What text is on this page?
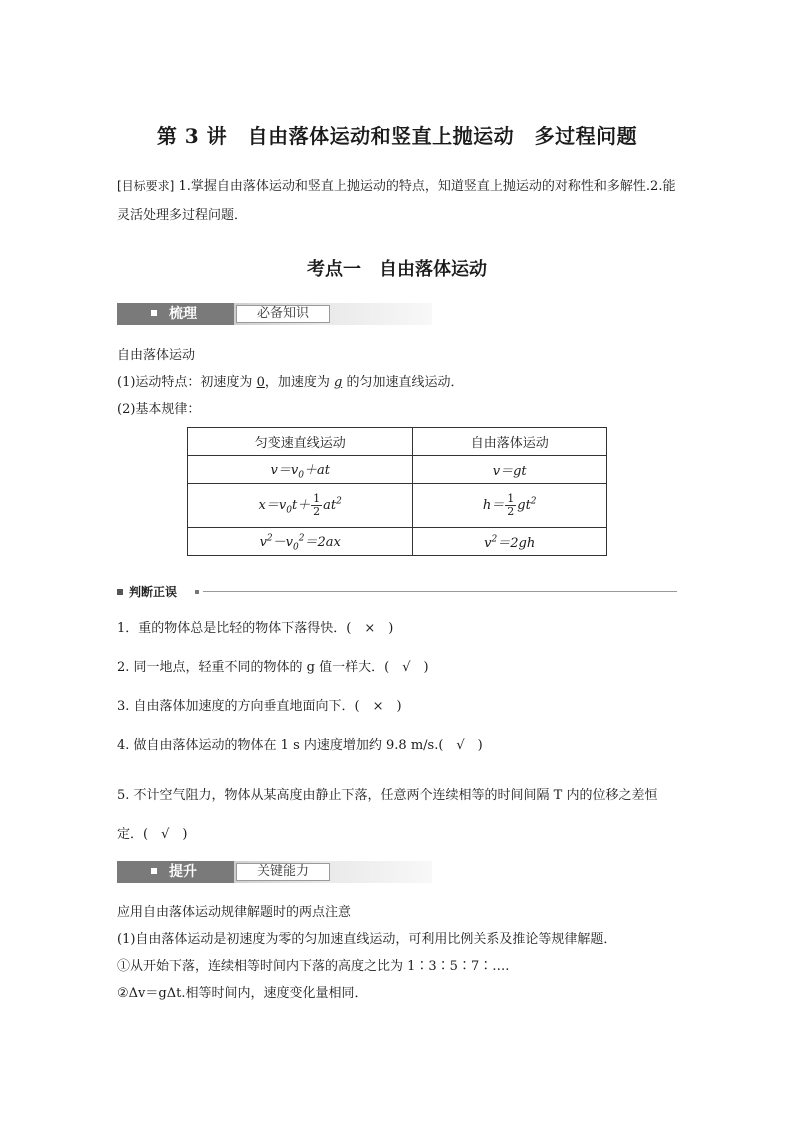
第 3 讲　自由落体运动和竖直上抛运动　多过程问题
[目标要求] 1.掌握自由落体运动和竖直上抛运动的特点，知道竖直上抛运动的对称性和多解性.2.能灵活处理多过程问题．
考点一　自由落体运动
梳理	必备知识
自由落体运动
(1)运动特点：初速度为 0，加速度为 g 的匀加速直线运动．
(2)基本规律：
匀变速直线运动	自由落体运动
$v=v_0+at$	v＝gt
$x=v_0t+ \frac{1}{2} at^2$	$h= \frac{1}{2} gt^2$
$v^2-v_0^2=2ax$	$v^2=2gh$
判断正误
1．重的物体总是比轻的物体下落得快．(　×　)
2. 同一地点，轻重不同的物体的 g 值一样大．(　√　)
3. 自由落体加速度的方向垂直地面向下．(　×　)
4. 做自由落体运动的物体在 1 s 内速度增加约 9.8 m/s.(　√　)
5. 不计空气阻力，物体从某高度由静止下落，任意两个连续相等的时间间隔 T 内的位移之差恒定．(　√　)
提升	关键能力
应用自由落体运动规律解题时的两点注意
(1)自由落体运动是初速度为零的匀加速直线运动，可利用比例关系及推论等规律解题．
①从开始下落，连续相等时间内下落的高度之比为 1∶3∶5∶7∶….
②Δv＝gΔt.相等时间内，速度变化量相同．
